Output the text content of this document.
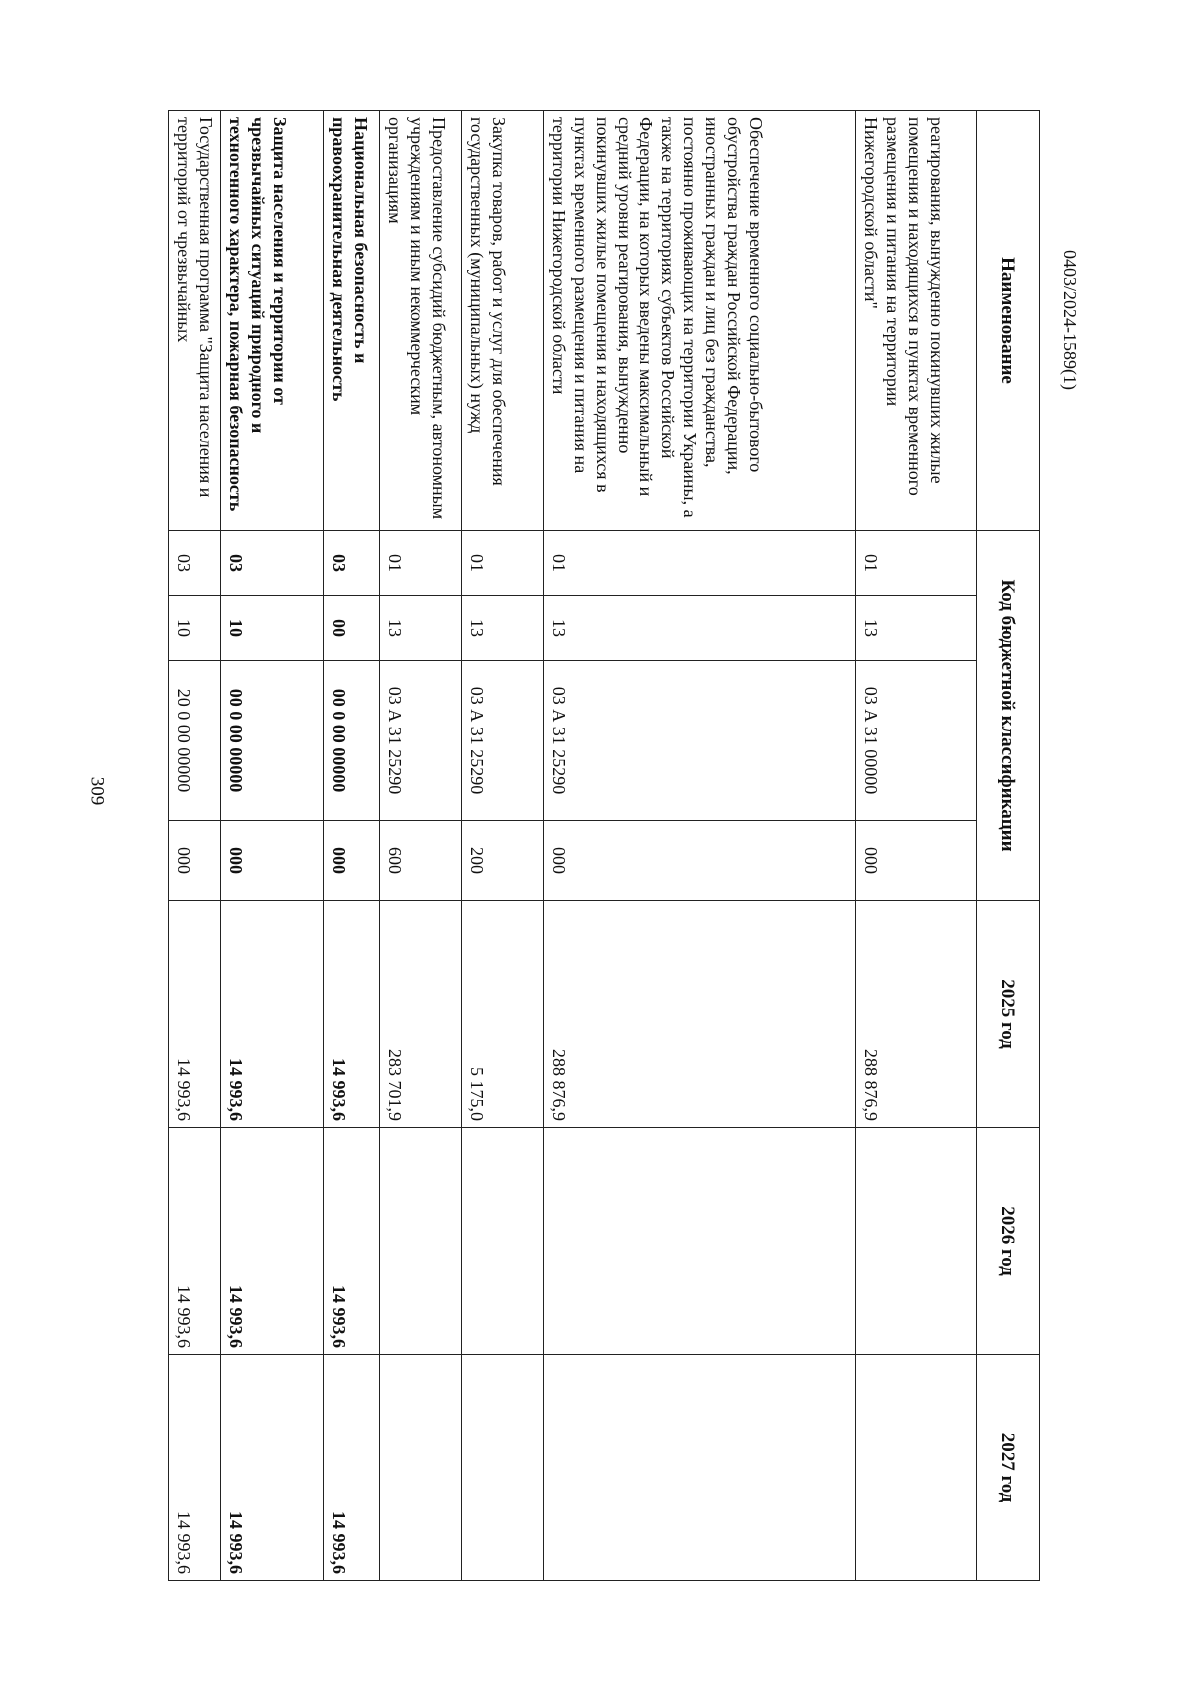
309
Наименование	Код бюджетной классификации				2025 год	2026 год	2027 год
реагирования, вынужденно покинувших жилые помещения и находящихся в пунктах временного размещения и питания на территории Нижегородской области"	01	13	03 А 31 00000	000	288 876,9		
Обеспечение временного социально-бытового обустройства граждан Российской Федерации, иностранных граждан и лиц без гражданства, постоянно проживающих на территории Украины, а также на территориях субъектов Российской Федерации, на которых введены максимальный и средний уровни реагирования, вынужденно покинувших жилые помещения и находящихся в пунктах временного размещения и питания на территории Нижегородской области	01	13	03 А 31 25290	000	288 876,9		
Закупка товаров, работ и услуг для обеспечения государственных (муниципальных) нужд	01	13	03 А 31 25290	200	5 175,0		
Предоставление субсидий бюджетным, автономным учреждениям и иным некоммерческим организациям	01	13	03 А 31 25290	600	283 701,9		
Национальная безопасность и правоохранительная деятельность	03	00	00 0 00 00000	000	14 993,6	14 993,6	14 993,6
Защита населения и территории от чрезвычайных ситуаций природного и техногенного характера, пожарная безопасность	03	10	00 0 00 00000	000	14 993,6	14 993,6	14 993,6
Государственная программа "Защита населения и территорий от чрезвычайных	03	10	20 0 00 00000	000	14 993,6	14 993,6	14 993,6
0403/2024-1589(1)
